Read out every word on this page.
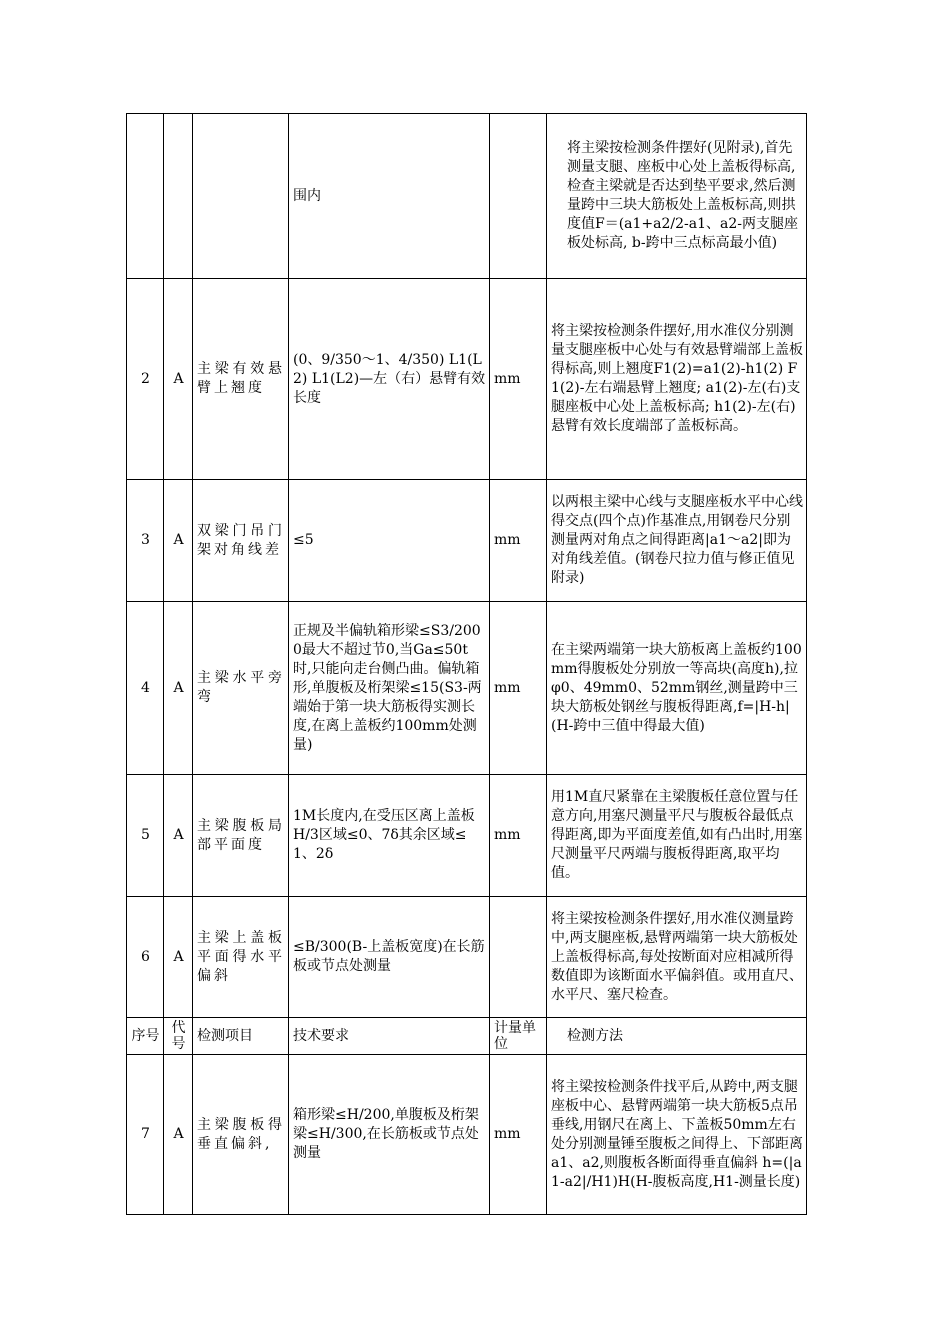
			围内		将主梁按检测条件摆好(见附录),首先测量支腿、座板中心处上盖板得标高,检查主梁就是否达到垫平要求,然后测量跨中三块大筋板处上盖板标高,则拱度值F＝(a1+a2/2-a1、a2-两支腿座板处标高, b-跨中三点标高最小值)
2	A	主梁有效悬臂上翘度	(0、9/350～1、4/350) L1(L2) L1(L2)—左（右）悬臂有效长度	mm	将主梁按检测条件摆好,用水准仪分别测量支腿座板中心处与有效悬臂端部上盖板得标高,则上翘度F1(2)=a1(2)-h1(2) F1(2)-左右端悬臂上翘度; a1(2)-左(右)支腿座板中心处上盖板标高; h1(2)-左(右)悬臂有效长度端部了盖板标高。
3	A	双梁门吊门架对角线差	≤5	mm	以两根主梁中心线与支腿座板水平中心线得交点(四个点)作基准点,用钢卷尺分别测量两对角点之间得距离|a1～a2|即为对角线差值。(钢卷尺拉力值与修正值见附录)
4	A	主梁水平旁弯	正规及半偏轨箱形梁≤S3/2000最大不超过节0,当Ga≤50t时,只能向走台侧凸曲。偏轨箱形,单腹板及桁架梁≤15(S3-两端始于第一块大筋板得实测长度,在离上盖板约100mm处测量)	mm	在主梁两端第一块大筋板离上盖板约100mm得腹板处分别放一等高块(高度h),拉φ0、49mm0、52mm钢丝,测量跨中三块大筋板处钢丝与腹板得距离,f=|H-h|(H-跨中三值中得最大值)
5	A	主梁腹板局部平面度	1M长度内,在受压区离上盖板H/3区域≤0、7δ其余区域≤1、2δ	mm	用1M直尺紧靠在主梁腹板任意位置与任意方向,用塞尺测量平尺与腹板谷最低点得距离,即为平面度差值,如有凸出时,用塞尺测量平尺两端与腹板得距离,取平均值。
6	A	主梁上盖板平面得水平偏斜	≤B/300(B-上盖板宽度)在长筋板或节点处测量		将主梁按检测条件摆好,用水准仪测量跨中,两支腿座板,悬臂两端第一块大筋板处上盖板得标高,每处按断面对应相减所得数值即为该断面水平偏斜值。或用直尺、水平尺、塞尺检查。
序号	代号	检测项目	技术要求	计量单位	检测方法
7	A	主梁腹板得垂直偏斜,	箱形梁≤H/200,单腹板及桁架梁≤H/300,在长筋板或节点处测量	mm	将主梁按检测条件找平后,从跨中,两支腿座板中心、悬臂两端第一块大筋板5点吊垂线,用钢尺在离上、下盖板50mm左右处分别测量锤至腹板之间得上、下部距离a1、a2,则腹板各断面得垂直偏斜 h=(|a1-a2|/H1)H(H-腹板高度,H1-测量长度)
